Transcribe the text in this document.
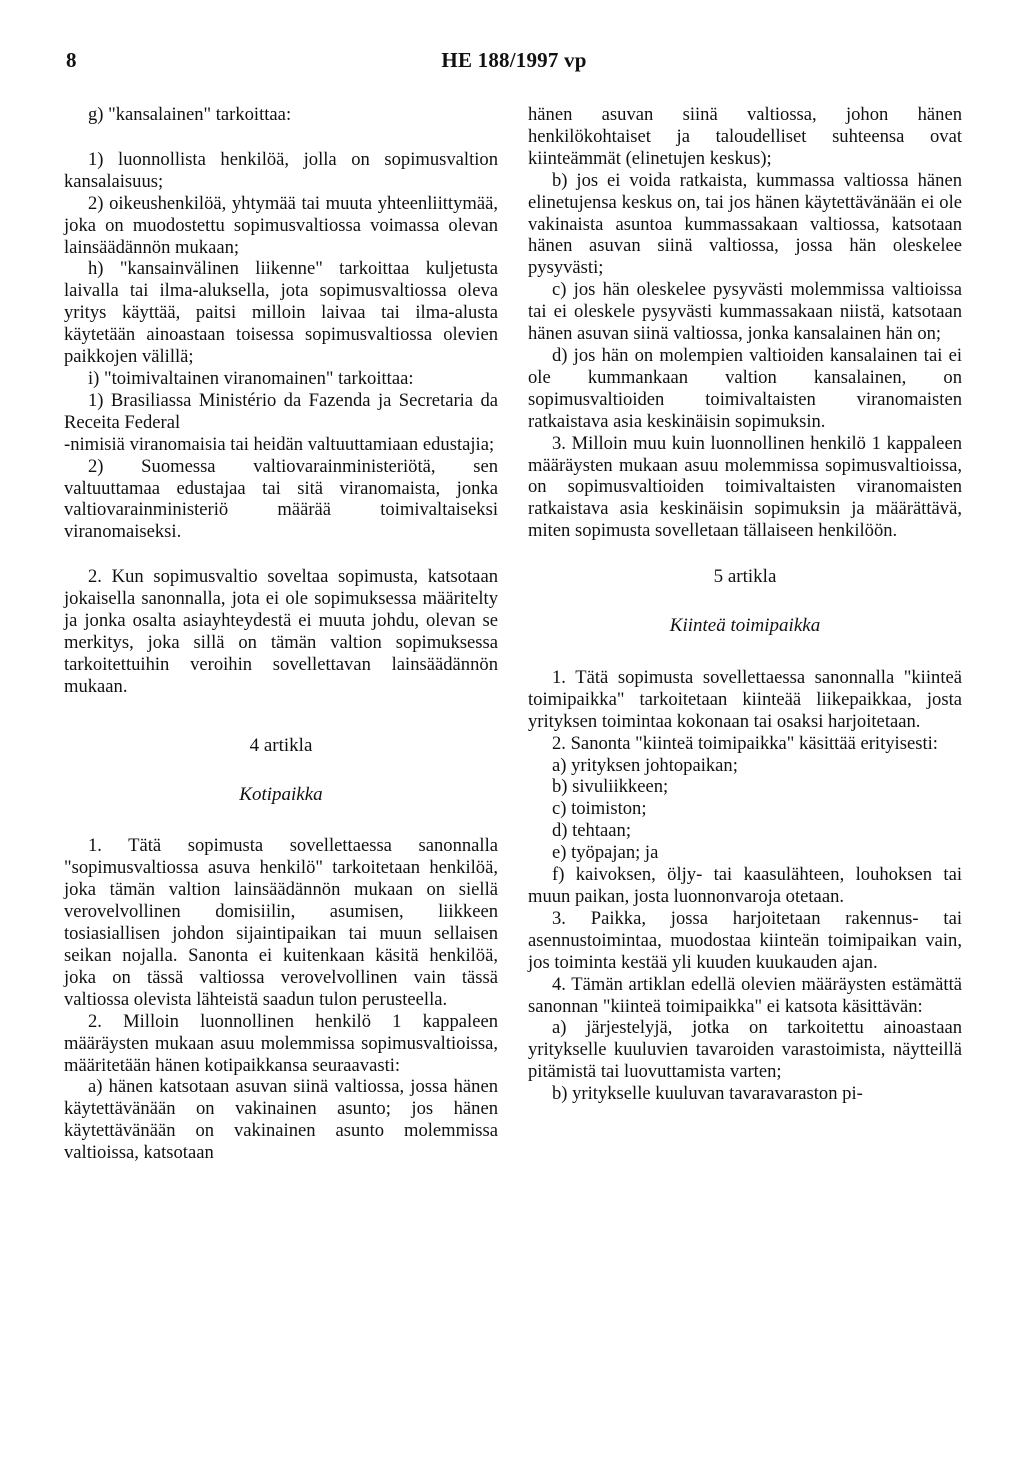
8	HE 188/1997 vp

g) "kansalainen" tarkoittaa:

1) luonnollista henkilöä, jolla on sopimusvaltion kansalaisuus;

2) oikeushenkilöä, yhtymää tai muuta yhteenliittymää, joka on muodostettu sopimusvaltiossa voimassa olevan lainsäädännön mukaan;

h) "kansainvälinen liikenne" tarkoittaa kuljetusta laivalla tai ilma-aluksella, jota sopimusvaltiossa oleva yritys käyttää, paitsi milloin laivaa tai ilma-alusta käytetään ainoastaan toisessa sopimusvaltiossa olevien paikkojen välillä;

i) "toimivaltainen viranomainen" tarkoittaa:

1) Brasiliassa Ministério da Fazenda ja Secretaria da Receita Federal
-nimisiä viranomaisia tai heidän valtuuttamiaan edustajia;

2) Suomessa valtiovarainministeriötä, sen valtuuttamaa edustajaa tai sitä viranomaista, jonka valtiovarainministeriö määrää toimivaltaiseksi viranomaiseksi.

2. Kun sopimusvaltio soveltaa sopimusta, katsotaan jokaisella sanonnalla, jota ei ole sopimuksessa määritelty ja jonka osalta asiayhteydestä ei muuta johdu, olevan se merkitys, joka sillä on tämän valtion sopimuksessa tarkoitettuihin veroihin sovellettavan lainsäädännön mukaan.

4 artikla

Kotipaikka

1. Tätä sopimusta sovellettaessa sanonnalla "sopimusvaltiossa asuva henkilö" tarkoitetaan henkilöä, joka tämän valtion lainsäädännön mukaan on siellä verovelvollinen domisiilin, asumisen, liikkeen tosiasiallisen johdon sijaintipaikan tai muun sellaisen seikan nojalla. Sanonta ei kuitenkaan käsitä henkilöä, joka on tässä valtiossa verovelvollinen vain tässä valtiossa olevista lähteistä saadun tulon perusteella.

2. Milloin luonnollinen henkilö 1 kappaleen määräysten mukaan asuu molemmissa sopimusvaltioissa, määritetään hänen kotipaikkansa seuraavasti:

a) hänen katsotaan asuvan siinä valtiossa, jossa hänen käytettävänään on vakinainen asunto; jos hänen käytettävänään on vakinainen asunto molemmissa valtioissa, katsotaan

hänen asuvan siinä valtiossa, johon hänen henkilökohtaiset ja taloudelliset suhteensa ovat kiinteämmät (elinetujen keskus);

b) jos ei voida ratkaista, kummassa valtiossa hänen elinetujensa keskus on, tai jos hänen käytettävänään ei ole vakinaista asuntoa kummassakaan valtiossa, katsotaan hänen asuvan siinä valtiossa, jossa hän oleskelee pysyvästi;

c) jos hän oleskelee pysyvästi molemmissa valtioissa tai ei oleskele pysyvästi kummassakaan niistä, katsotaan hänen asuvan siinä valtiossa, jonka kansalainen hän on;

d) jos hän on molempien valtioiden kansalainen tai ei ole kummankaan valtion kansalainen, on sopimusvaltioiden toimivaltaisten viranomaisten ratkaistava asia keskinäisin sopimuksin.

3. Milloin muu kuin luonnollinen henkilö 1 kappaleen määräysten mukaan asuu molemmissa sopimusvaltioissa, on sopimusvaltioiden toimivaltaisten viranomaisten ratkaistava asia keskinäisin sopimuksin ja määrättävä, miten sopimusta sovelletaan tällaiseen henkilöön.

5 artikla

Kiinteä toimipaikka

1. Tätä sopimusta sovellettaessa sanonnalla "kiinteä toimipaikka" tarkoitetaan kiinteää liikepaikkaa, josta yrityksen toimintaa kokonaan tai osaksi harjoitetaan.

2. Sanonta "kiinteä toimipaikka" käsittää erityisesti:

a) yrityksen johtopaikan;

b) sivuliikkeen;

c) toimiston;

d) tehtaan;

e) työpajan; ja

f) kaivoksen, öljy- tai kaasulähteen, louhoksen tai muun paikan, josta luonnonvaroja otetaan.

3. Paikka, jossa harjoitetaan rakennus- tai asennustoimintaa, muodostaa kiinteän toimipaikan vain, jos toiminta kestää yli kuuden kuukauden ajan.

4. Tämän artiklan edellä olevien määräysten estämättä sanonnan "kiinteä toimipaikka" ei katsota käsittävän:

a) järjestelyjä, jotka on tarkoitettu ainoastaan yritykselle kuuluvien tavaroiden varastoimista, näytteillä pitämistä tai luovuttamista varten;

b) yritykselle kuuluvan tavaravaraston pi-
